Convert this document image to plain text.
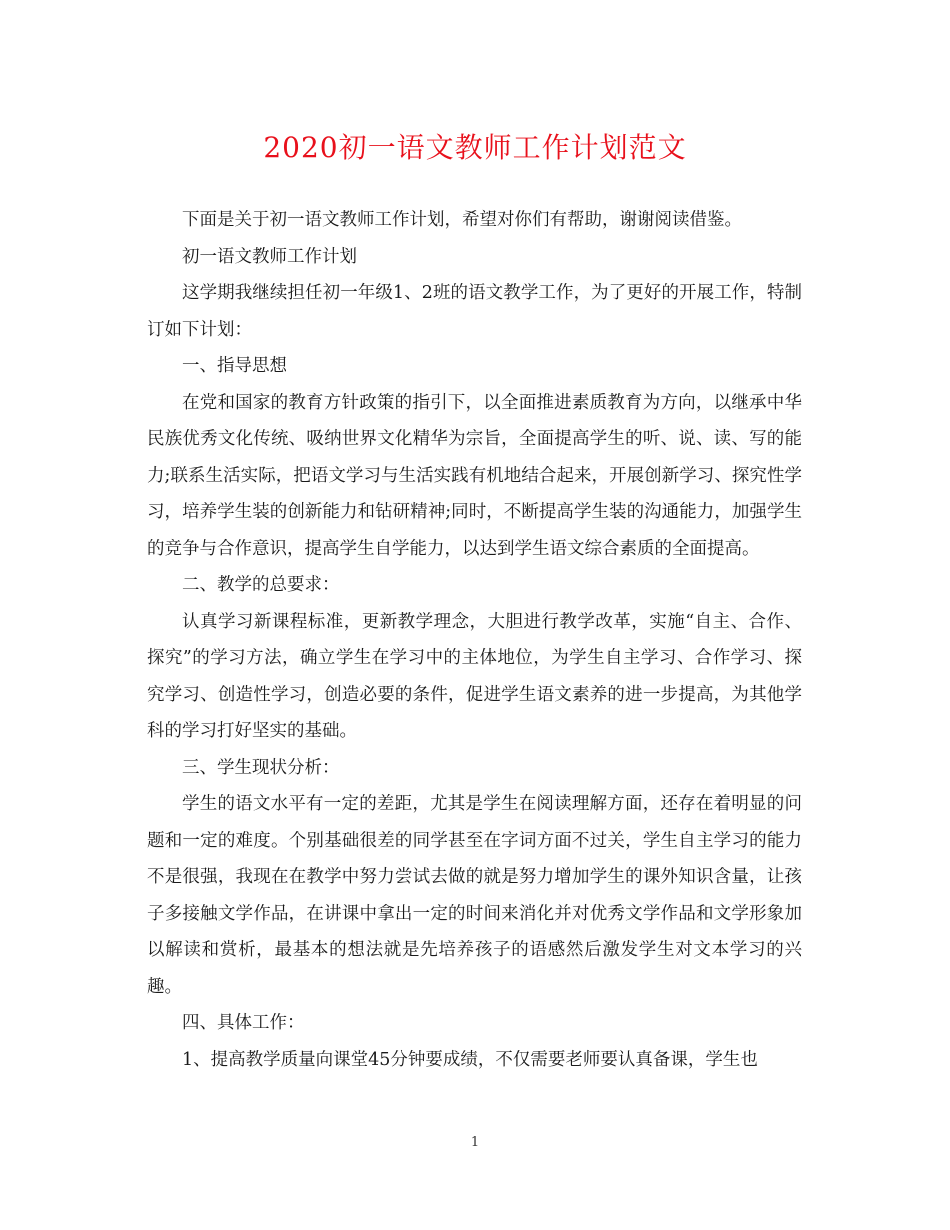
2020初一语文教师工作计划范文

下面是关于初一语文教师工作计划，希望对你们有帮助，谢谢阅读借鉴。

初一语文教师工作计划

这学期我继续担任初一年级1、2班的语文教学工作，为了更好的开展工作，特制订如下计划：

一、指导思想

在党和国家的教育方针政策的指引下，以全面推进素质教育为方向，以继承中华民族优秀文化传统、吸纳世界文化精华为宗旨，全面提高学生的听、说、读、写的能力;联系生活实际，把语文学习与生活实践有机地结合起来，开展创新学习、探究性学习，培养学生装的创新能力和钻研精神;同时，不断提高学生装的沟通能力，加强学生的竞争与合作意识，提高学生自学能力，以达到学生语文综合素质的全面提高。

二、教学的总要求：

认真学习新课程标准，更新教学理念，大胆进行教学改革，实施“自主、合作、探究”的学习方法，确立学生在学习中的主体地位，为学生自主学习、合作学习、探究学习、创造性学习，创造必要的条件，促进学生语文素养的进一步提高，为其他学科的学习打好坚实的基础。

三、学生现状分析：

学生的语文水平有一定的差距，尤其是学生在阅读理解方面，还存在着明显的问题和一定的难度。个别基础很差的同学甚至在字词方面不过关，学生自主学习的能力不是很强，我现在在教学中努力尝试去做的就是努力增加学生的课外知识含量，让孩子多接触文学作品，在讲课中拿出一定的时间来消化并对优秀文学作品和文学形象加以解读和赏析，最基本的想法就是先培养孩子的语感然后激发学生对文本学习的兴趣。

四、具体工作：

1、提高教学质量向课堂45分钟要成绩，不仅需要老师要认真备课，学生也

1
